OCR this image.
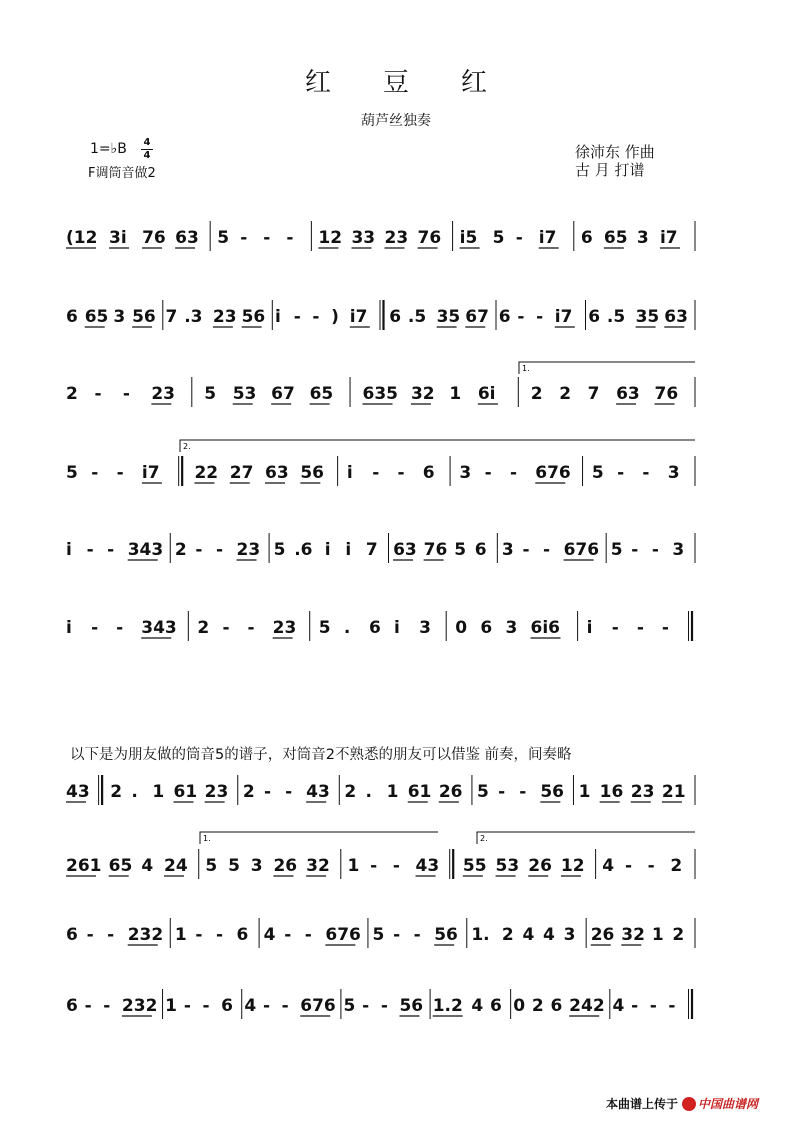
红豆红
葫芦丝独奏
1=♭B 4
4
F调筒音做2
徐沛东 作曲
古 月 打谱
(12 3i 76 63 5 - - - 12 33 23 76 i5 5 - i7 6 65 3 i7
6 65 3 56 7 .3 23 56 i - - ) i7 6 .5 35 67 6 - - i7 6 .5 35 63
2 - - 23 5 53 67 65 635 32 1 6i 2 2 7 63 76
5 - - i7 22 27 63 56 i - - 6 3 - - 676 5 - - 3
i - - 343 2 - - 23 5 .6 i i 7 63 76 5 6 3 - - 676 5 - - 3
i - - 343 2 - - 23 5 . 6 i 3 0 6 3 6i6 i - - -
43 2 . 1 61 23 2 - - 43 2 . 1 61 26 5 - - 56 1 16 23 21
261 65 4 24 5 5 3 26 32 1 - - 43 55 53 26 12 4 - - 2
6 - - 232 1 - - 6 4 - - 676 5 - - 56 1. 2 4 4 3 26 32 1 2
6 - - 232 1 - - 6 4 - - 676 5 - - 56 1.2 4 6 0 2 6 242 4 - - -
1.
2.
1.	2.
以下是为朋友做的筒音5的谱子，对筒音2不熟悉的朋友可以借鉴 前奏，间奏略
本曲谱上传于 中国曲谱网
